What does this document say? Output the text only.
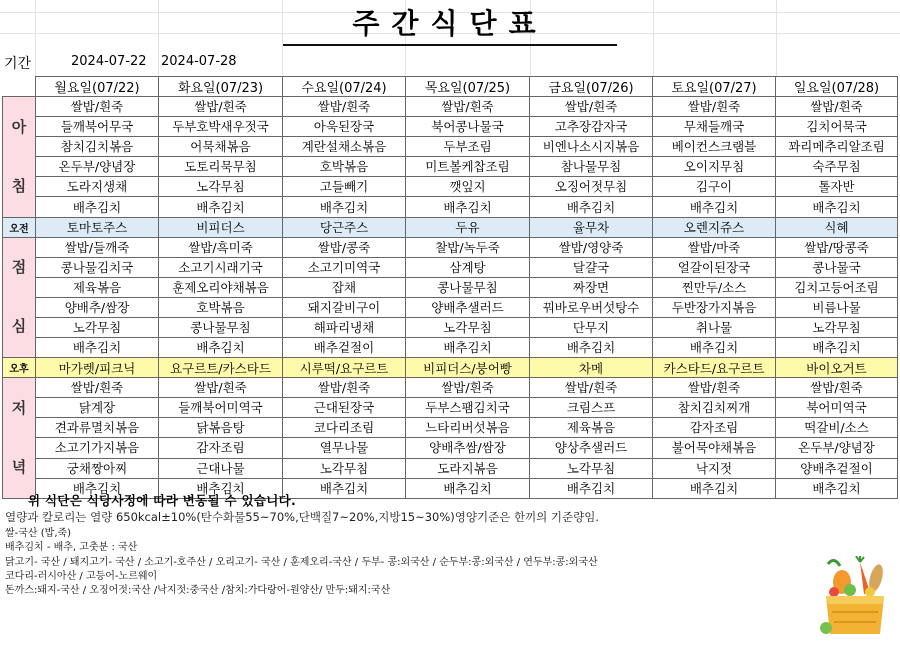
주간식단표
기간	2024-07-22 2024-07-28
	월요일(07/22)	화요일(07/23)	수요일(07/24)	목요일(07/25)	금요일(07/26)	토요일(07/27)	일요일(07/28)

아
침	쌀밥/흰죽	쌀밥/흰죽	쌀밥/흰죽	쌀밥/흰죽	쌀밥/흰죽	쌀밥/흰죽	쌀밥/흰죽
	들깨북어무국	두부호박새우젓국	아욱된장국	북어콩나물국	고추장감자국	무채들깨국	김치어묵국
	참치김치볶음	어묵채볶음	계란설채소볶음	두부조림	비엔나소시지볶음	베이컨스크램블	꽈리메추리알조림
	온두부/양념장	도토리묵무침	호박볶음	미트볼케찹조림	참나물무침	오이지무침	숙주무침
	도라지생채	노각무침	고들빼기	깻잎지	오징어젓무침	김구이	톨자반
	배추김치	배추김치	배추김치	배추김치	배추김치	배추김치	배추김치
오전	토마토주스	비피더스	당근주스	두유	율무차	오렌지쥬스	식혜

점
심	쌀밥/들깨죽	쌀밥/흑미죽	쌀밥/콩죽	찰밥/녹두죽	쌀밥/영양죽	쌀밥/마죽	쌀밥/땅콩죽
	콩나물김치국	소고기시래기국	소고기미역국	삼계탕	달걀국	얼갈이된장국	콩나물국
	제육볶음	훈제오리야채볶음	잡채	콩나물무침	짜장면	찐만두/소스	김치고등어조림
	양배추/쌈장	호박볶음	돼지갈비구이	양배추샐러드	꿔바로우버섯탕수	두반장가지볶음	비름나물
	노각무침	콩나물무침	해파리냉채	노각무침	단무지	취나물	노각무침
	배추김치	배추김치	배추겉절이	배추김치	배추김치	배추김치	배추김치
오후	마가렛/피크닉	요구르트/카스타드	시루떡/요구르트	비피더스/붕어빵	차메	카스타드/요구르트	바이오거트

저
녁	쌀밥/흰죽	쌀밥/흰죽	쌀밥/흰죽	쌀밥/흰죽	쌀밥/흰죽	쌀밥/흰죽	쌀밥/흰죽
	닭계장	들깨북어미역국	근대된장국	두부스팸김치국	크림스프	참치김치찌개	북어미역국
	견과류멸치볶음	닭볶음탕	코다리조림	느타리버섯볶음	제육볶음	감자조림	떡갈비/소스
	소고기가지볶음	감자조림	열무나물	양배추쌈/쌈장	양상추샐러드	불어묵야채볶음	온두부/양념장
	궁채짱아찌	근대나물	노각무침	도라지볶음	노각무침	낙지젓	양배추겉절이
	배추김치	배추김치	배추김치	배추김치	배추김치	배추김치	배추김치
위 식단은 식당사정에 따라 변동될 수 있습니다.
열량과 칼로리는 열량 650kcal±10%(탄수화물55~70%,단백질7~20%,지방15~30%)영양기준은 한끼의 기준량임.
쌀-국산 (밥,죽)
배추김치 - 배추, 고춧분 : 국산
닭고기- 국산 / 돼지고기- 국산 / 소고기-호주산 / 오리고기- 국산 / 훈제오리-국산 / 두부- 콩:외국산 / 순두부:콩:외국산 / 연두부:콩:외국산
코다리-러시아산 / 고등어-노르웨이
돈까스:돼지-국산 / 오징어젓:국산 /낙지젓:중국산 /참치:가다랑어-원양산/ 만두:돼지:국산
